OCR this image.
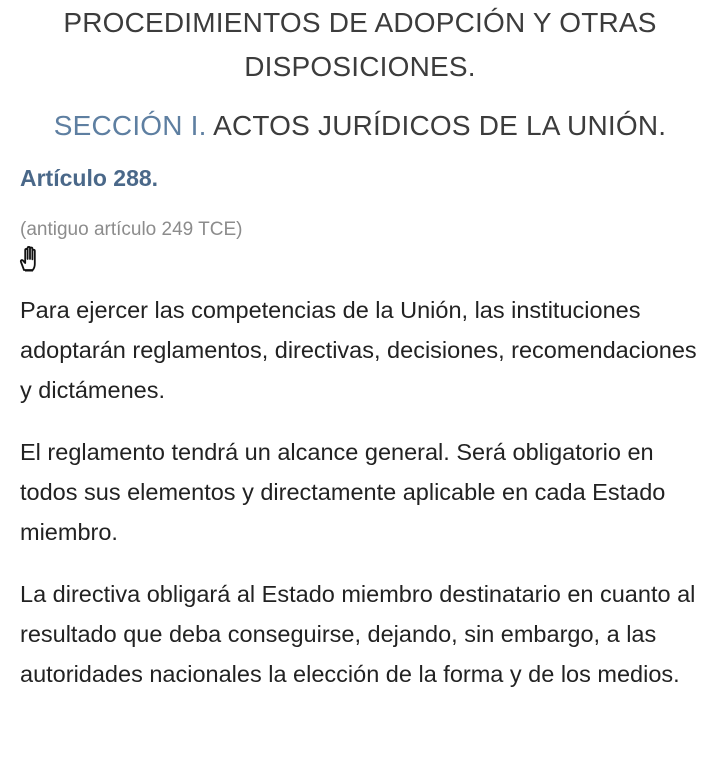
PROCEDIMIENTOS DE ADOPCIÓN Y OTRAS
DISPOSICIONES.
SECCIÓN I. ACTOS JURÍDICOS DE LA UNIÓN.
Artículo 288.
(antiguo artículo 249 TCE)

Para ejercer las competencias de la Unión, las instituciones adoptarán reglamentos, directivas, decisiones, recomendaciones y dictámenes.

El reglamento tendrá un alcance general. Será obligatorio en todos sus elementos y directamente aplicable en cada Estado miembro.

La directiva obligará al Estado miembro destinatario en cuanto al resultado que deba conseguirse, dejando, sin embargo, a las autoridades nacionales la elección de la forma y de los medios.
